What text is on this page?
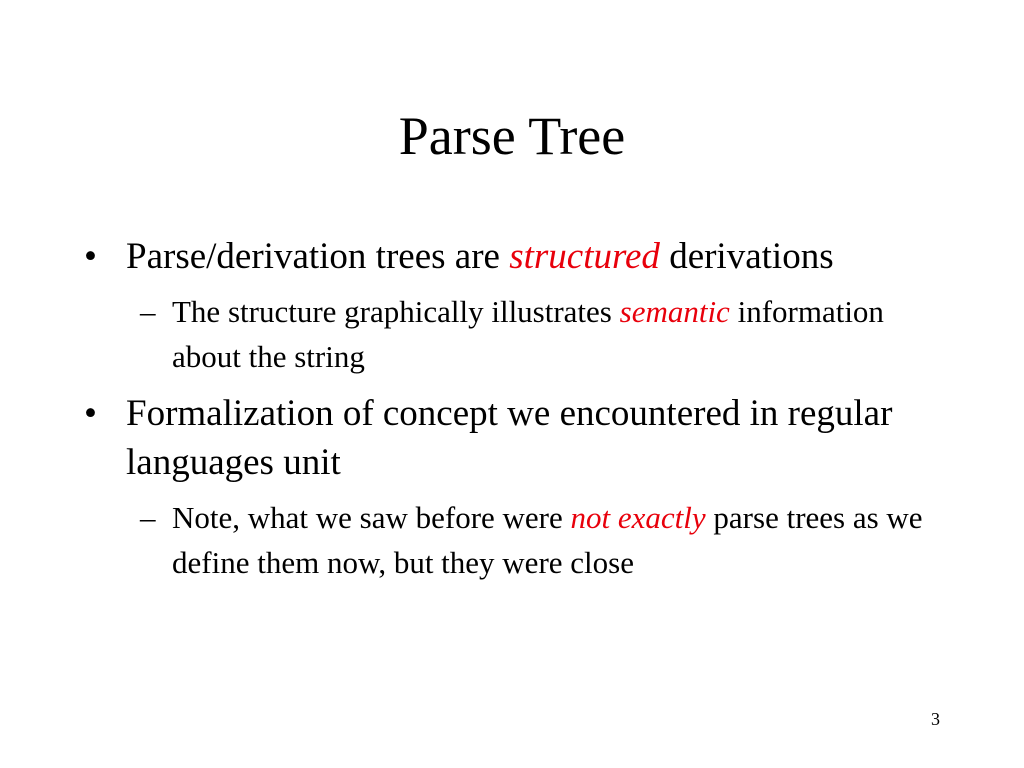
Parse Tree
• Parse/derivation trees are structured derivations
– The structure graphically illustrates semantic information about the string
• Formalization of concept we encountered in regular languages unit
– Note, what we saw before were not exactly parse trees as we define them now, but they were close
3
